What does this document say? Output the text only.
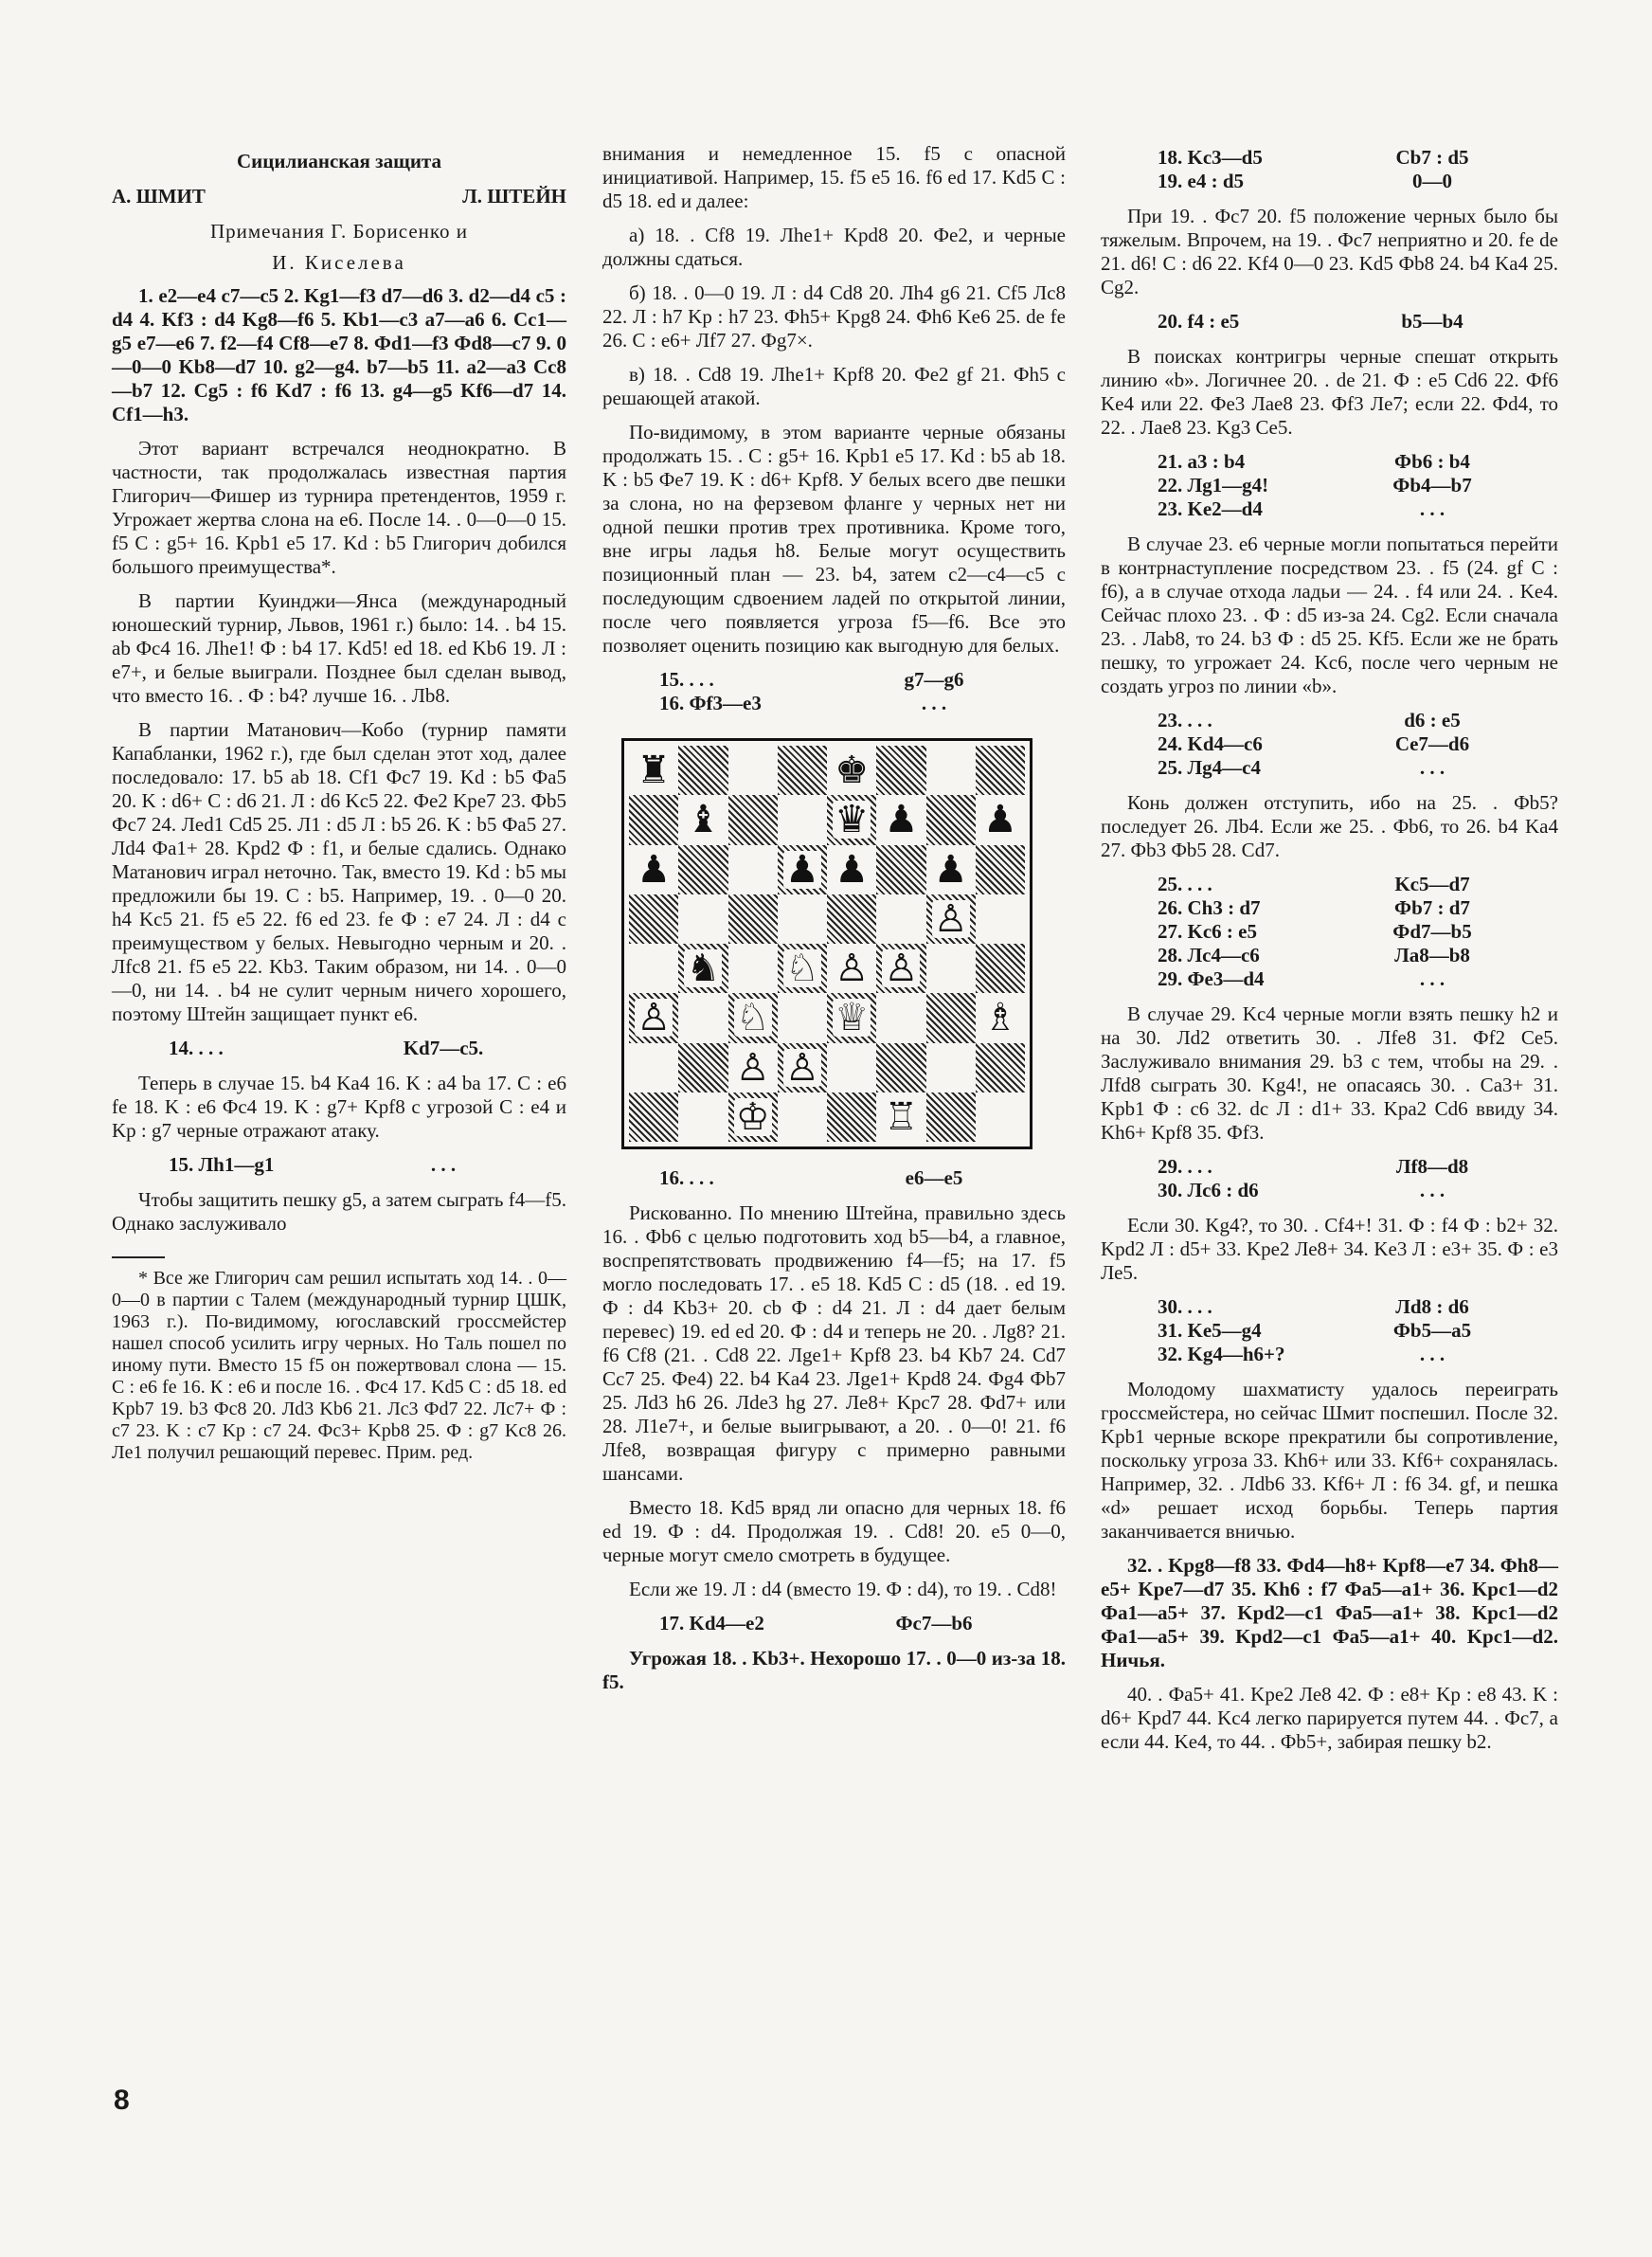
Сицилианская защита
А. ШМИТ	Л. ШТЕЙН
Примечания Г. Борисенко и
И. Киселева

1. e2—e4 c7—c5 2. Kg1—f3 d7—d6 3. d2—d4 c5 : d4 4. Kf3 : d4 Kg8—f6 5. Kb1—c3 a7—a6 6. Cc1—g5 e7—e6 7. f2—f4 Cf8—e7 8. Фd1—f3 Фd8—c7 9. 0—0—0 Kb8—d7 10. g2—g4. b7—b5 11. a2—a3 Cc8—b7 12. Cg5 : f6 Kd7 : f6 13. g4—g5 Kf6—d7 14. Cf1—h3.

Этот вариант встречался неоднократно. В частности, так продолжалась известная партия Глигорич—Фишер из турнира претендентов, 1959 г. Угрожает жертва слона на е6. После 14. . 0—0—0 15. f5 С : g5+ 16. Kpb1 e5 17. Kd : b5 Глигорич добился большого преимущества*.

В партии Куинджи—Янса (международный юношеский турнир, Львов, 1961 г.) было: 14. . b4 15. ab Фс4 16. Лhe1! Ф : b4 17. Kd5! ed 18. ed Kb6 19. Л : e7+, и белые выиграли. Позднее был сделан вывод, что вместо 16. . Ф : b4? лучше 16. . Лb8.

В партии Матанович—Кобо (турнир памяти Капабланки, 1962 г.), где был сделан этот ход, далее последовало: 17. b5 ab 18. Cf1 Фс7 19. Kd : b5 Фа5 20. K : d6+ C : d6 21. Л : d6 Kc5 22. Фе2 Kpe7 23. Фb5 Фс7 24. Лed1 Cd5 25. Л1 : d5 Л : b5 26. K : b5 Фа5 27. Лd4 Фа1+ 28. Kpd2 Ф : f1, и белые сдались. Однако Матанович играл неточно. Так, вместо 19. Kd : b5 мы предложили бы 19. C : b5. Например, 19. . 0—0 20. h4 Kc5 21. f5 e5 22. f6 ed 23. fe Ф : e7 24. Л : d4 с преимуществом у белых. Невыгодно черным и 20. . Лfc8 21. f5 e5 22. Kb3. Таким образом, ни 14. . 0—0—0, ни 14. . b4 не сулит черным ничего хорошего, поэтому Штейн защищает пункт е6.

14. . . .	Kd7—c5.

Теперь в случае 15. b4 Ka4 16. K : a4 ba 17. C : e6 fe 18. K : e6 Фс4 19. K : g7+ Kpf8 с угрозой C : e4 и Kp : g7 черные отражают атаку.

15. Лh1—g1	. . .

Чтобы защитить пешку g5, а затем сыграть f4—f5. Однако заслуживало

* Все же Глигорич сам решил испытать ход 14. . 0—0—0 в партии с Талем (международный турнир ЦШК, 1963 г.). По-видимому, югославский гроссмейстер нашел способ усилить игру черных. Но Таль пошел по иному пути. Вместо 15 f5 он пожертвовал слона — 15. С : e6 fe 16. К : e6 и после 16. . Фс4 17. Kd5 C : d5 18. ed Kpb7 19. b3 Фс8 20. Лd3 Kb6 21. Лc3 Фd7 22. Лc7+ Ф : c7 23. K : c7 Kp : c7 24. Фс3+ Kpb8 25. Ф : g7 Kc8 26. Лe1 получил решающий перевес. Прим. ред.

внимания и немедленное 15. f5 с опасной инициативой. Например, 15. f5 e5 16. f6 ed 17. Kd5 C : d5 18. ed и далее:

а) 18. . Cf8 19. Лhe1+ Kpd8 20. Фе2, и черные должны сдаться.

б) 18. . 0—0 19. Л : d4 Cd8 20. Лh4 g6 21. Cf5 Лc8 22. Л : h7 Kp : h7 23. Фh5+ Kpg8 24. Фh6 Ke6 25. de fe 26. C : e6+ Лf7 27. Фg7×.

в) 18. . Cd8 19. Лhe1+ Kpf8 20. Фе2 gf 21. Фh5 с решающей атакой.

По-видимому, в этом варианте черные обязаны продолжать 15. . C : g5+ 16. Kpb1 e5 17. Kd : b5 ab 18. K : b5 Фе7 19. K : d6+ Kpf8. У белых всего две пешки за слона, но на ферзевом фланге у черных нет ни одной пешки против трех противника. Кроме того, вне игры ладья h8. Белые могут осуществить позиционный план — 23. b4, затем c2—c4—c5 с последующим сдвоением ладей по открытой линии, после чего появляется угроза f5—f6. Все это позволяет оценить позицию как выгодную для белых.

15. . . .	g7—g6
16. Фf3—e3	. . .
♜	♚
♝	♛ ♟ ♟
♟	♟ ♟ ♟
♙
♞ ♘ ♙ ♙
♙ ♘ ♕	♗
♙ ♙
♔	♖
16. . . .	e6—e5

Рискованно. По мнению Штейна, правильно здесь 16. . Фb6 с целью подготовить ход b5—b4, а главное, воспрепятствовать продвижению f4—f5; на 17. f5 могло последовать 17. . e5 18. Kd5 C : d5 (18. . ed 19. Ф : d4 Kb3+ 20. cb Ф : d4 21. Л : d4 дает белым перевес) 19. ed ed 20. Ф : d4 и теперь не 20. . Лg8? 21. f6 Cf8 (21. . Cd8 22. Лge1+ Kpf8 23. b4 Kb7 24. Cd7 Cc7 25. Фе4) 22. b4 Ka4 23. Лge1+ Kpd8 24. Фg4 Фb7 25. Лd3 h6 26. Лde3 hg 27. Лe8+ Kpc7 28. Фd7+ или 28. Л1e7+, и белые выигрывают, а 20. . 0—0! 21. f6 Лfe8, возвращая фигуру с примерно равными шансами.

Вместо 18. Kd5 вряд ли опасно для черных 18. f6 ed 19. Ф : d4. Продолжая 19. . Cd8! 20. e5 0—0, черные могут смело смотреть в будущее.

Если же 19. Л : d4 (вместо 19. Ф : d4), то 19. . Cd8!

17. Kd4—e2	Фс7—b6

Угрожая 18. . Kb3+. Нехорошо 17. . 0—0 из-за 18. f5.

18. Kc3—d5	Cb7 : d5
19. e4 : d5	0—0

При 19. . Фс7 20. f5 положение черных было бы тяжелым. Впрочем, на 19. . Фс7 неприятно и 20. fe de 21. d6! C : d6 22. Kf4 0—0 23. Kd5 Фb8 24. b4 Ka4 25. Cg2.

20. f4 : e5	b5—b4

В поисках контригры черные спешат открыть линию «b». Логичнее 20. . de 21. Ф : e5 Cd6 22. Фf6 Ke4 или 22. Фе3 Лае8 23. Фf3 Лe7; если 22. Фd4, то 22. . Лае8 23. Kg3 Ce5.

21. a3 : b4	Фb6 : b4
22. Лg1—g4!	Фb4—b7
23. Ke2—d4	. . .

В случае 23. e6 черные могли попытаться перейти в контрнаступление посредством 23. . f5 (24. gf C : f6), а в случае отхода ладьи — 24. . f4 или 24. . Ke4. Сейчас плохо 23. . Ф : d5 из-за 24. Cg2. Если сначала 23. . Лаb8, то 24. b3 Ф : d5 25. Kf5. Если же не брать пешку, то угрожает 24. Kc6, после чего черным не создать угроз по линии «b».

23. . . .	d6 : e5
24. Kd4—c6	Ce7—d6
25. Лg4—c4	. . .

Конь должен отступить, ибо на 25. . Фb5? последует 26. Лb4. Если же 25. . Фb6, то 26. b4 Ka4 27. Фb3 Фb5 28. Cd7.

25. . . .	Kc5—d7
26. Ch3 : d7	Фb7 : d7
27. Kc6 : e5	Фd7—b5
28. Лc4—c6	Лa8—b8
29. Фе3—d4	. . .

В случае 29. Kc4 черные могли взять пешку h2 и на 30. Лd2 ответить 30. . Лfe8 31. Фf2 Ce5. Заслуживало внимания 29. b3 с тем, чтобы на 29. . Лfd8 сыграть 30. Kg4!, не опасаясь 30. . Ca3+ 31. Kpb1 Ф : c6 32. dc Л : d1+ 33. Kpa2 Cd6 ввиду 34. Kh6+ Kpf8 35. Фf3.

29. . . .	Лf8—d8
30. Лc6 : d6	. . .

Если 30. Kg4?, то 30. . Cf4+! 31. Ф : f4 Ф : b2+ 32. Kpd2 Л : d5+ 33. Kpe2 Ле8+ 34. Ke3 Л : e3+ 35. Ф : e3 Ле5.

30. . . .	Лd8 : d6
31. Ke5—g4	Фb5—a5
32. Kg4—h6+?	. . .

Молодому шахматисту удалось переиграть гроссмейстера, но сейчас Шмит поспешил. После 32. Kpb1 черные вскоре прекратили бы сопротивление, поскольку угроза 33. Kh6+ или 33. Kf6+ сохранялась. Например, 32. . Лdb6 33. Kf6+ Л : f6 34. gf, и пешка «d» решает исход борьбы. Теперь партия заканчивается вничью.

32. . Kpg8—f8 33. Фd4—h8+ Kpf8—e7 34. Фh8—e5+ Kpe7—d7 35. Kh6 : f7 Фа5—a1+ 36. Kpc1—d2 Фа1—a5+ 37. Kpd2—c1 Фа5—a1+ 38. Kpc1—d2 Фа1—a5+ 39. Kpd2—c1 Фа5—a1+ 40. Kpc1—d2. Ничья.

40. . Фа5+ 41. Kpe2 Ле8 42. Ф : e8+ Kp : e8 43. K : d6+ Kpd7 44. Kc4 легко парируется путем 44. . Фс7, а если 44. Ke4, то 44. . Фb5+, забирая пешку b2.

8
